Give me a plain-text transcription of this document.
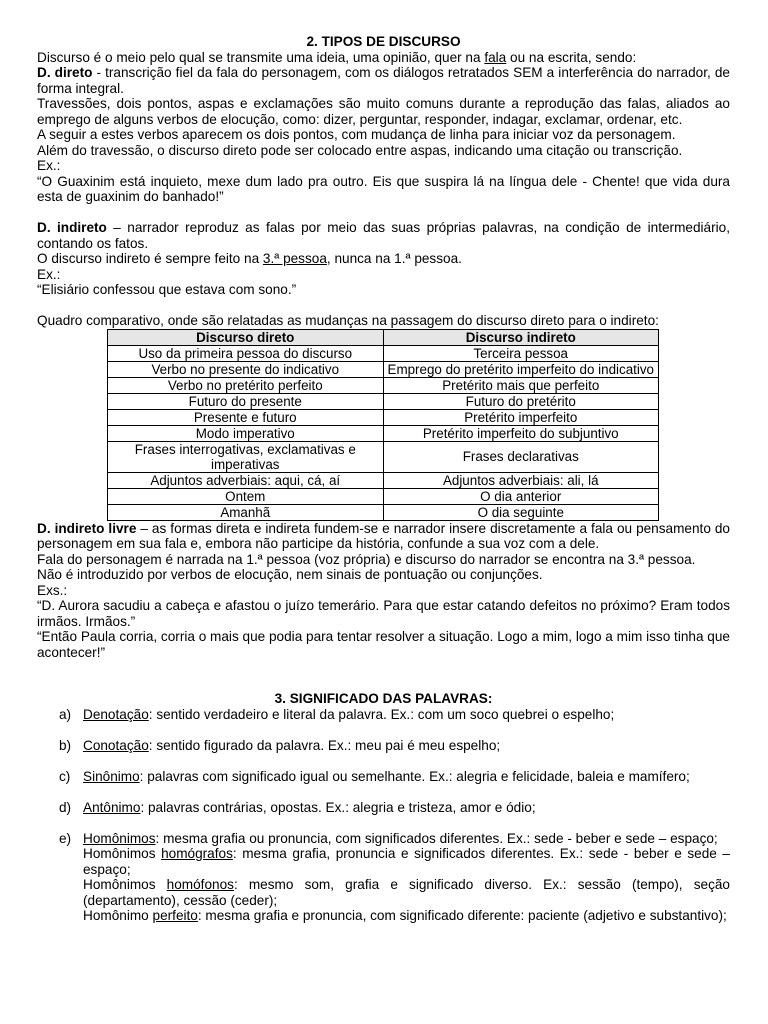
2. TIPOS DE DISCURSO

Discurso é o meio pelo qual se transmite uma ideia, uma opinião, quer na fala ou na escrita, sendo:

D. direto - transcrição fiel da fala do personagem, com os diálogos retratados SEM a interferência do narrador, de forma integral.

Travessões, dois pontos, aspas e exclamações são muito comuns durante a reprodução das falas, aliados ao emprego de alguns verbos de elocução, como: dizer, perguntar, responder, indagar, exclamar, ordenar, etc.

A seguir a estes verbos aparecem os dois pontos, com mudança de linha para iniciar voz da personagem.

Além do travessão, o discurso direto pode ser colocado entre aspas, indicando uma citação ou transcrição.

Ex.:

“O Guaxinim está inquieto, mexe dum lado pra outro. Eis que suspira lá na língua dele - Chente! que vida dura esta de guaxinim do banhado!”

D. indireto – narrador reproduz as falas por meio das suas próprias palavras, na condição de intermediário, contando os fatos.

O discurso indireto é sempre feito na 3.ª pessoa, nunca na 1.ª pessoa.

Ex.:

“Elisiário confessou que estava com sono.”

Quadro comparativo, onde são relatadas as mudanças na passagem do discurso direto para o indireto:

Discurso direto	Discurso indireto
Uso da primeira pessoa do discurso	Terceira pessoa
Verbo no presente do indicativo	Emprego do pretérito imperfeito do indicativo
Verbo no pretérito perfeito	Pretérito mais que perfeito
Futuro do presente	Futuro do pretérito
Presente e futuro	Pretérito imperfeito
Modo imperativo	Pretérito imperfeito do subjuntivo
Frases interrogativas, exclamativas e imperativas	Frases declarativas
Adjuntos adverbiais: aqui, cá, aí	Adjuntos adverbiais: ali, lá
Ontem	O dia anterior
Amanhã	O dia seguinte

D. indireto livre – as formas direta e indireta fundem-se e narrador insere discretamente a fala ou pensamento do personagem em sua fala e, embora não participe da história, confunde a sua voz com a dele.

Fala do personagem é narrada na 1.ª pessoa (voz própria) e discurso do narrador se encontra na 3.ª pessoa.

Não é introduzido por verbos de elocução, nem sinais de pontuação ou conjunções.

Exs.:

“D. Aurora sacudiu a cabeça e afastou o juízo temerário. Para que estar catando defeitos no próximo? Eram todos irmãos. Irmãos.”

“Então Paula corria, corria o mais que podia para tentar resolver a situação. Logo a mim, logo a mim isso tinha que acontecer!”

3. SIGNIFICADO DAS PALAVRAS:

a) Denotação: sentido verdadeiro e literal da palavra. Ex.: com um soco quebrei o espelho;
b) Conotação: sentido figurado da palavra. Ex.: meu pai é meu espelho;
c) Sinônimo: palavras com significado igual ou semelhante. Ex.: alegria e felicidade, baleia e mamífero;
d) Antônimo: palavras contrárias, opostas. Ex.: alegria e tristeza, amor e ódio;
e) Homônimos: mesma grafia ou pronuncia, com significados diferentes. Ex.: sede - beber e sede – espaço;

Homônimos homógrafos: mesma grafia, pronuncia e significados diferentes. Ex.: sede - beber e sede – espaço;

Homônimos homófonos: mesmo som, grafia e significado diverso. Ex.: sessão (tempo), seção (departamento), cessão (ceder);

Homônimo perfeito: mesma grafia e pronuncia, com significado diferente: paciente (adjetivo e substantivo);
